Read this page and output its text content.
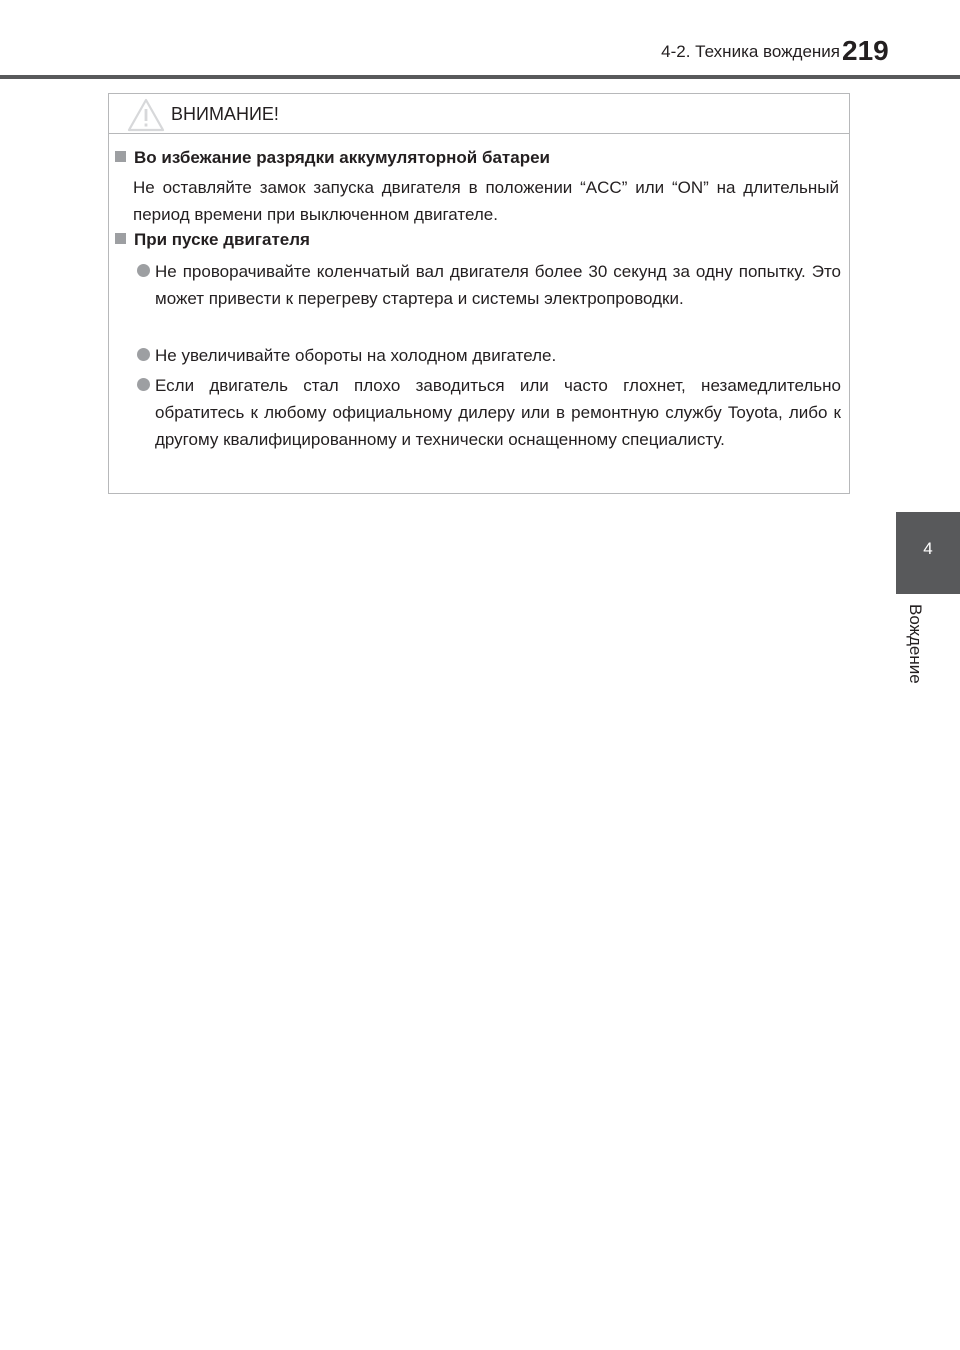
4-2. Техника вождения 219
4
Вождение
ВНИМАНИЕ!
Во избежание разрядки аккумуляторной батареи
Не оставляйте замок запуска двигателя в положении “ACC” или “ON” на длительный период времени при выключенном двигателе.
При пуске двигателя
Не проворачивайте коленчатый вал двигателя более 30 секунд за одну попытку. Это может привести к перегреву стартера и системы электропроводки.
Не увеличивайте обороты на холодном двигателе.
Если двигатель стал плохо заводиться или часто глохнет, незамедлительно обратитесь к любому официальному дилеру или в ремонтную службу Toyota, либо к другому квалифицированному и технически оснащенному специалисту.
